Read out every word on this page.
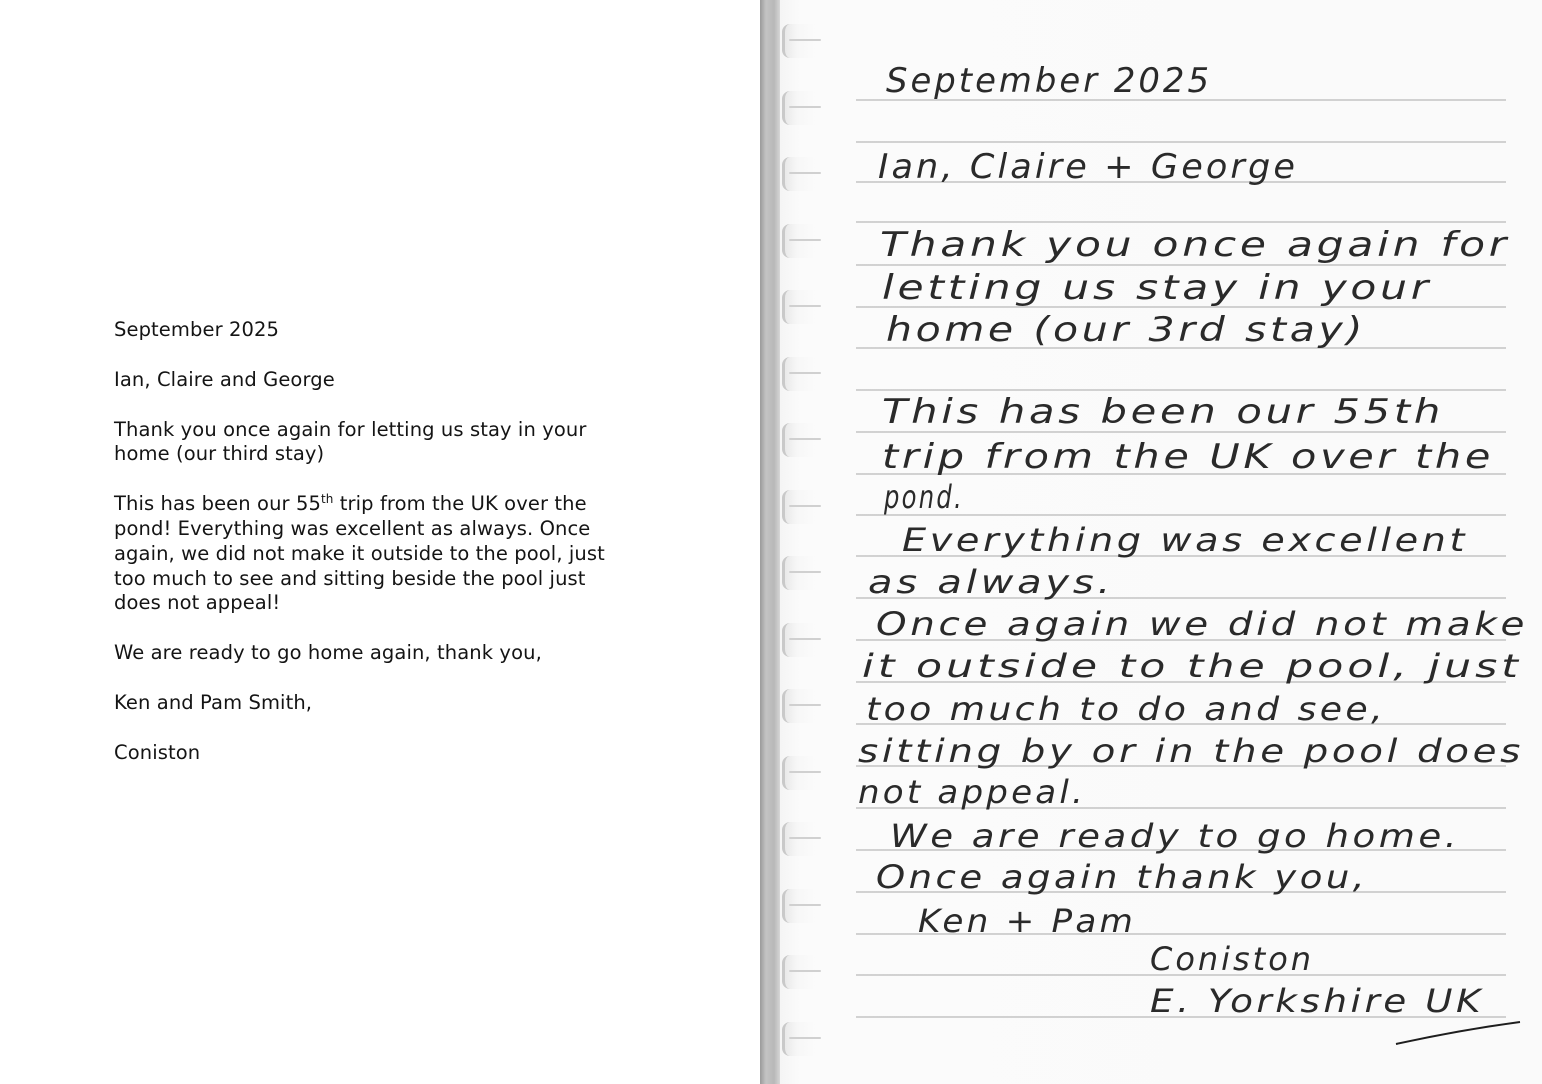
September 2025

Ian, Claire and George

Thank you once again for letting us stay in your
home (our third stay)

This has been our 55th trip from the UK over the
pond! Everything was excellent as always. Once
again, we did not make it outside to the pool, just
too much to see and sitting beside the pool just
does not appeal!

We are ready to go home again, thank you,

Ken and Pam Smith,

Coniston

September 2025
Ian, Claire + George
Thank you once again for
letting us stay in your
home (our 3rd stay)
This has been our 55th
trip from the UK over the
pond.
Everything was excellent
as always.
Once again we did not make
it outside to the pool, just
too much to do and see,
sitting by or in the pool does
not appeal.
We are ready to go home.
Once again thank you,
Ken + Pam
Coniston
E. Yorkshire UK
